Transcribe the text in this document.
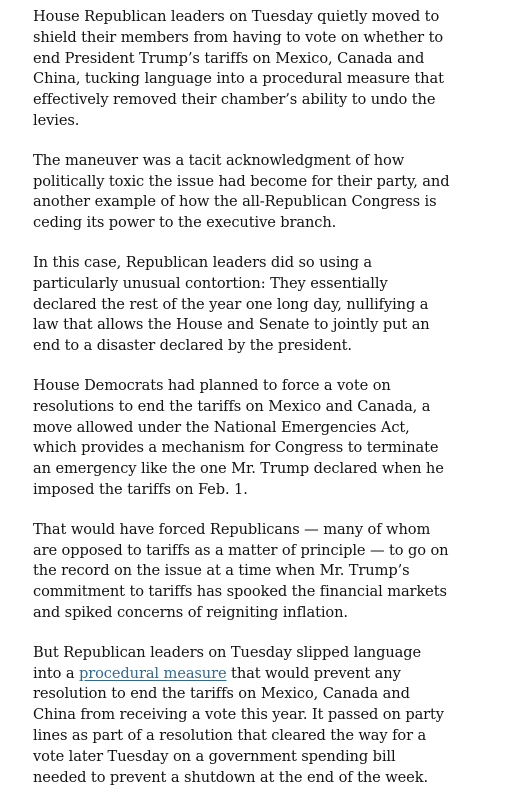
House Republican leaders on Tuesday quietly moved to shield their members from having to vote on whether to end President Trump’s tariffs on Mexico, Canada and China, tucking language into a procedural measure that effectively removed their chamber’s ability to undo the levies.

The maneuver was a tacit acknowledgment of how politically toxic the issue had become for their party, and another example of how the all-Republican Congress is ceding its power to the executive branch.

In this case, Republican leaders did so using a particularly unusual contortion: They essentially declared the rest of the year one long day, nullifying a law that allows the House and Senate to jointly put an end to a disaster declared by the president.

House Democrats had planned to force a vote on resolutions to end the tariffs on Mexico and Canada, a move allowed under the National Emergencies Act, which provides a mechanism for Congress to terminate an emergency like the one Mr. Trump declared when he imposed the tariffs on Feb. 1.

That would have forced Republicans — many of whom are opposed to tariffs as a matter of principle — to go on the record on the issue at a time when Mr. Trump’s commitment to tariffs has spooked the financial markets and spiked concerns of reigniting inflation.

But Republican leaders on Tuesday slipped language into a procedural measure that would prevent any resolution to end the tariffs on Mexico, Canada and China from receiving a vote this year. It passed on party lines as part of a resolution that cleared the way for a vote later Tuesday on a government spending bill needed to prevent a shutdown at the end of the week.
